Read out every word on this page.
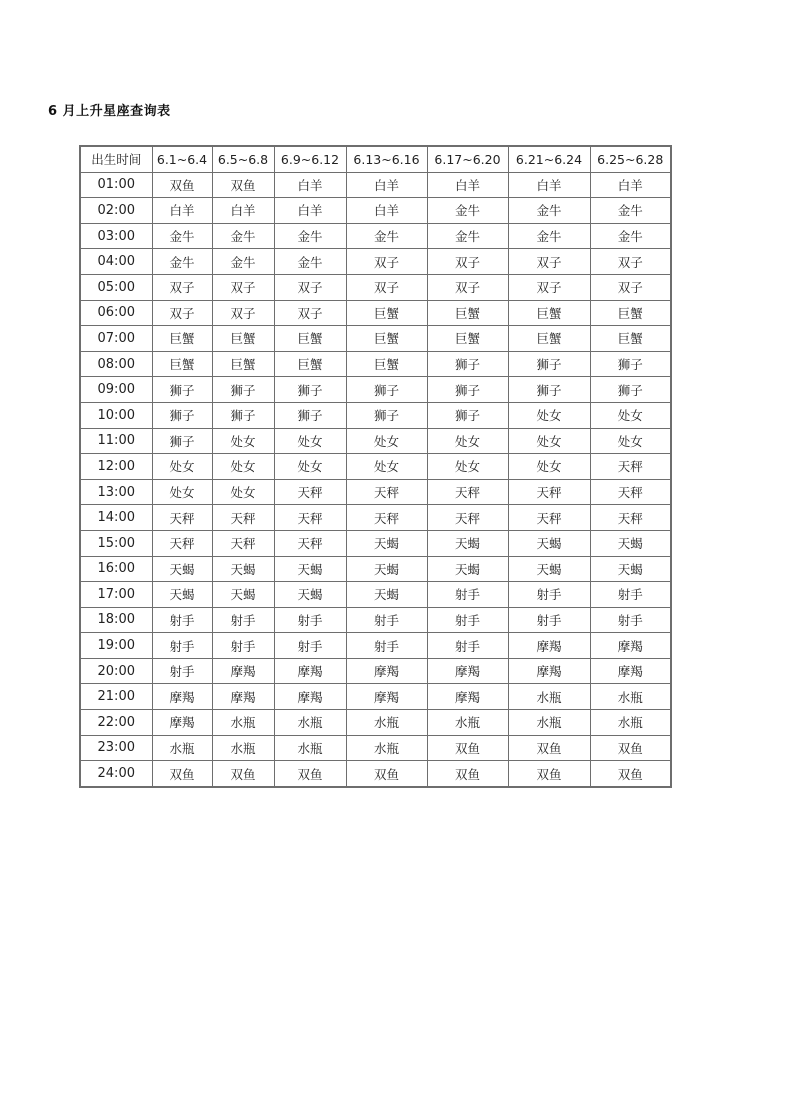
6 月上升星座查询表
出生时间	6.1~6.4	6.5~6.8	6.9~6.12	6.13~6.16	6.17~6.20	6.21~6.24	6.25~6.28
01:00	双鱼	双鱼	白羊	白羊	白羊	白羊	白羊
02:00	白羊	白羊	白羊	白羊	金牛	金牛	金牛
03:00	金牛	金牛	金牛	金牛	金牛	金牛	金牛
04:00	金牛	金牛	金牛	双子	双子	双子	双子
05:00	双子	双子	双子	双子	双子	双子	双子
06:00	双子	双子	双子	巨蟹	巨蟹	巨蟹	巨蟹
07:00	巨蟹	巨蟹	巨蟹	巨蟹	巨蟹	巨蟹	巨蟹
08:00	巨蟹	巨蟹	巨蟹	巨蟹	狮子	狮子	狮子
09:00	狮子	狮子	狮子	狮子	狮子	狮子	狮子
10:00	狮子	狮子	狮子	狮子	狮子	处女	处女
11:00	狮子	处女	处女	处女	处女	处女	处女
12:00	处女	处女	处女	处女	处女	处女	天秤
13:00	处女	处女	天秤	天秤	天秤	天秤	天秤
14:00	天秤	天秤	天秤	天秤	天秤	天秤	天秤
15:00	天秤	天秤	天秤	天蝎	天蝎	天蝎	天蝎
16:00	天蝎	天蝎	天蝎	天蝎	天蝎	天蝎	天蝎
17:00	天蝎	天蝎	天蝎	天蝎	射手	射手	射手
18:00	射手	射手	射手	射手	射手	射手	射手
19:00	射手	射手	射手	射手	射手	摩羯	摩羯
20:00	射手	摩羯	摩羯	摩羯	摩羯	摩羯	摩羯
21:00	摩羯	摩羯	摩羯	摩羯	摩羯	水瓶	水瓶
22:00	摩羯	水瓶	水瓶	水瓶	水瓶	水瓶	水瓶
23:00	水瓶	水瓶	水瓶	水瓶	双鱼	双鱼	双鱼
24:00	双鱼	双鱼	双鱼	双鱼	双鱼	双鱼	双鱼
